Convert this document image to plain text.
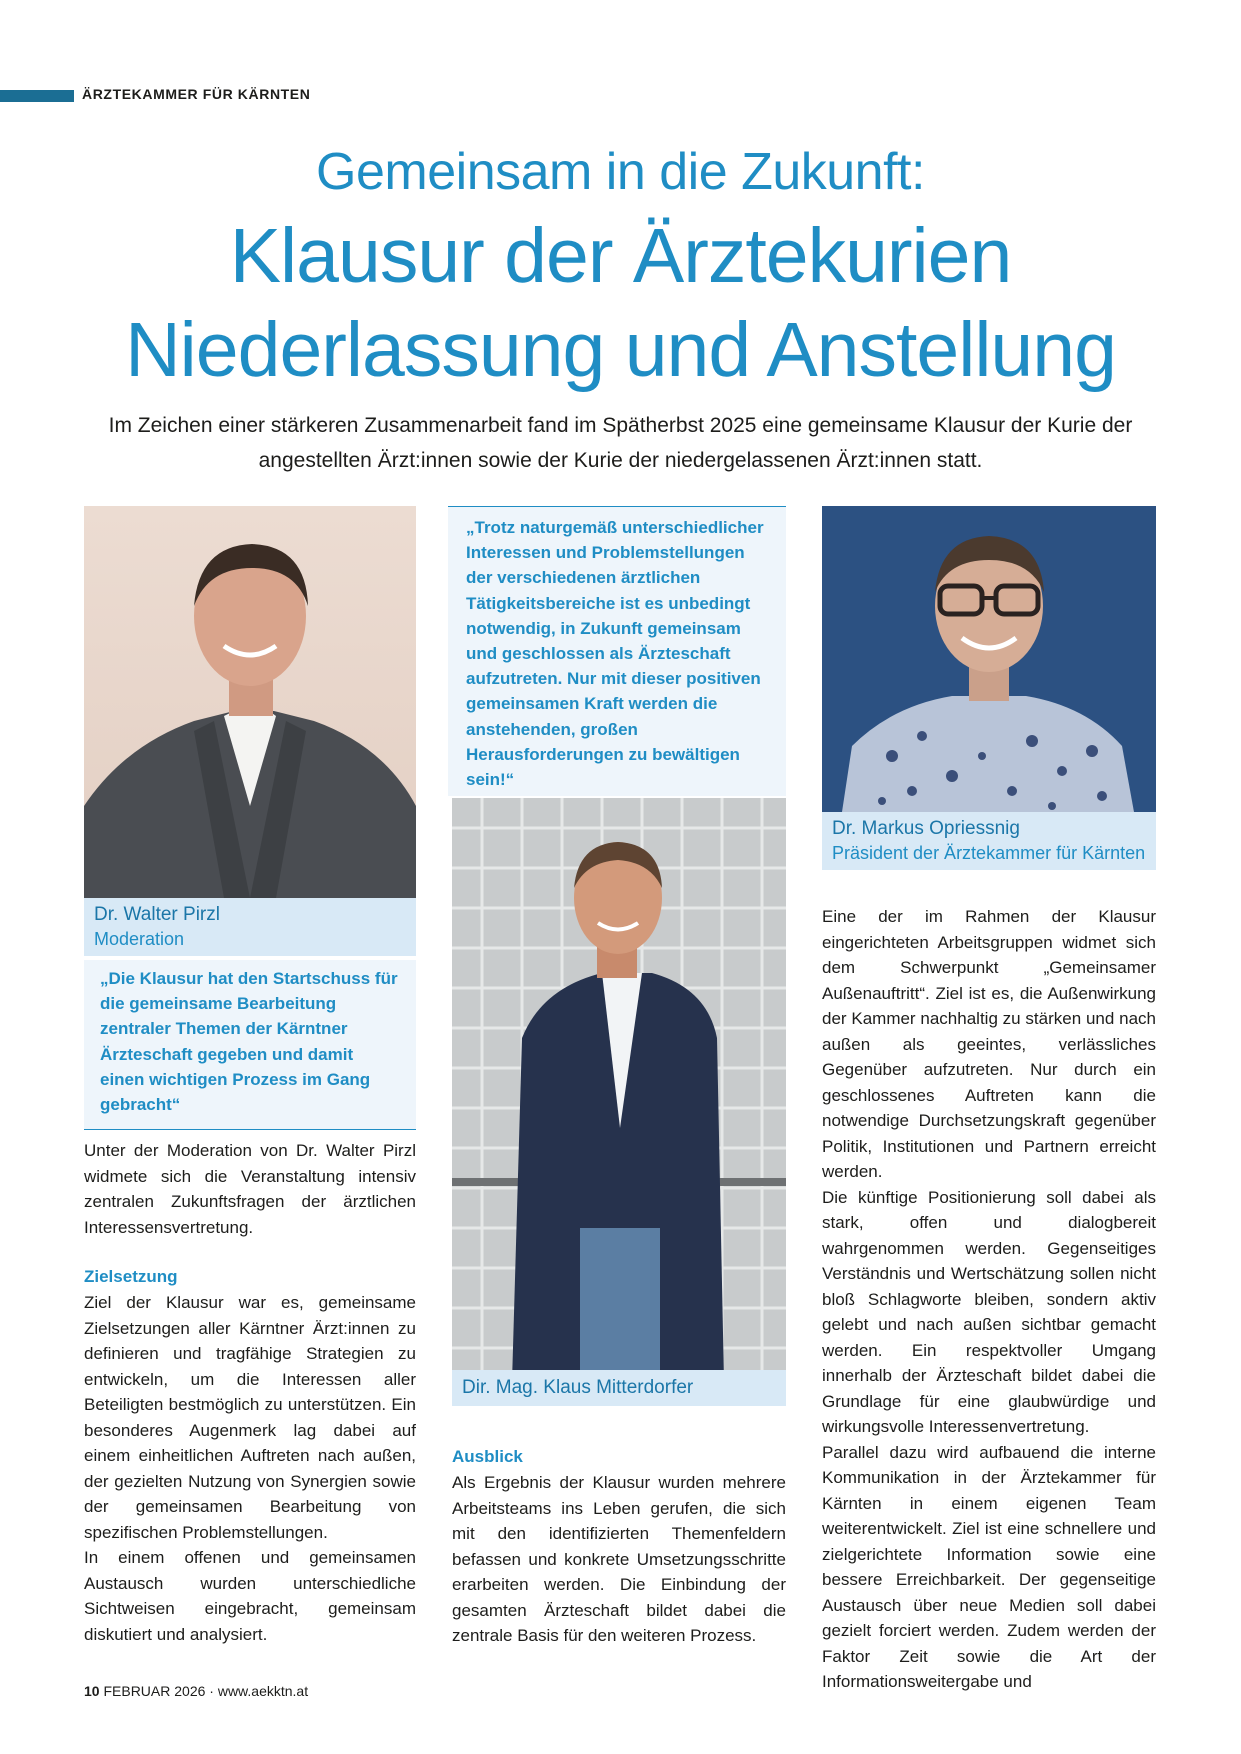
ÄRZTEKAMMER FÜR KÄRNTEN
Gemeinsam in die Zukunft:
Klausur der Ärztekurien
Niederlassung und Anstellung
Im Zeichen einer stärkeren Zusammenarbeit fand im Spätherbst 2025 eine gemeinsame Klausur der Kurie der angestellten Ärzt:innen sowie der Kurie der niedergelassenen Ärzt:innen statt.
Dr. Walter Pirzl
Moderation
„Die Klausur hat den Startschuss für die gemeinsame Bearbeitung zentraler Themen der Kärntner Ärzteschaft gegeben und damit einen wichtigen Prozess im Gang gebracht“
„Trotz naturgemäß unterschiedlicher Interessen und Problemstellungen der verschiedenen ärztlichen Tätigkeitsbereiche ist es unbedingt notwendig, in Zukunft gemeinsam und geschlossen als Ärzteschaft aufzutreten. Nur mit dieser positiven gemeinsamen Kraft werden die anstehenden, großen Herausforderungen zu bewältigen sein!“
Dir. Mag. Klaus Mitterdorfer
Dr. Markus Opriessnig
Präsident der Ärztekammer für Kärnten
Unter der Moderation von Dr. Walter Pirzl widmete sich die Veranstaltung intensiv zentralen Zukunftsfragen der ärztlichen Interessensvertretung.
Zielsetzung

Ziel der Klausur war es, gemeinsame Zielsetzungen aller Kärntner Ärzt:innen zu definieren und tragfähige Strategien zu entwickeln, um die Interessen aller Beteiligten bestmöglich zu unterstützen. Ein besonderes Augenmerk lag dabei auf einem einheitlichen Auftreten nach außen, der gezielten Nutzung von Synergien sowie der gemeinsamen Bearbeitung von spezifischen Problemstellungen.

In einem offenen und gemeinsamen Austausch wurden unterschiedliche Sichtweisen eingebracht, gemeinsam diskutiert und analysiert.

Ausblick

Als Ergebnis der Klausur wurden mehrere Arbeitsteams ins Leben gerufen, die sich mit den identifizierten Themenfeldern befassen und konkrete Umsetzungsschritte erarbeiten werden. Die Einbindung der gesamten Ärzteschaft bildet dabei die zentrale Basis für den weiteren Prozess.

Eine der im Rahmen der Klausur eingerichteten Arbeitsgruppen widmet sich dem Schwerpunkt „Gemeinsamer Außenauftritt“. Ziel ist es, die Außenwirkung der Kammer nachhaltig zu stärken und nach außen als geeintes, verlässliches Gegenüber aufzutreten. Nur durch ein geschlossenes Auftreten kann die notwendige Durchsetzungskraft gegenüber Politik, Institutionen und Partnern erreicht werden.

Die künftige Positionierung soll dabei als stark, offen und dialogbereit wahrgenommen werden. Gegenseitiges Verständnis und Wertschätzung sollen nicht bloß Schlagworte bleiben, sondern aktiv gelebt und nach außen sichtbar gemacht werden. Ein respektvoller Umgang innerhalb der Ärzteschaft bildet dabei die Grundlage für eine glaubwürdige und wirkungsvolle Interessenvertretung.

Parallel dazu wird aufbauend die interne Kommunikation in der Ärztekammer für Kärnten in einem eigenen Team weiterentwickelt. Ziel ist eine schnellere und zielgerichtete Information sowie eine bessere Erreichbarkeit. Der gegenseitige Austausch über neue Medien soll dabei gezielt forciert werden. Zudem werden der Faktor Zeit sowie die Art der Informationsweitergabe und

10 FEBRUAR 2026 · www.aekktn.at
